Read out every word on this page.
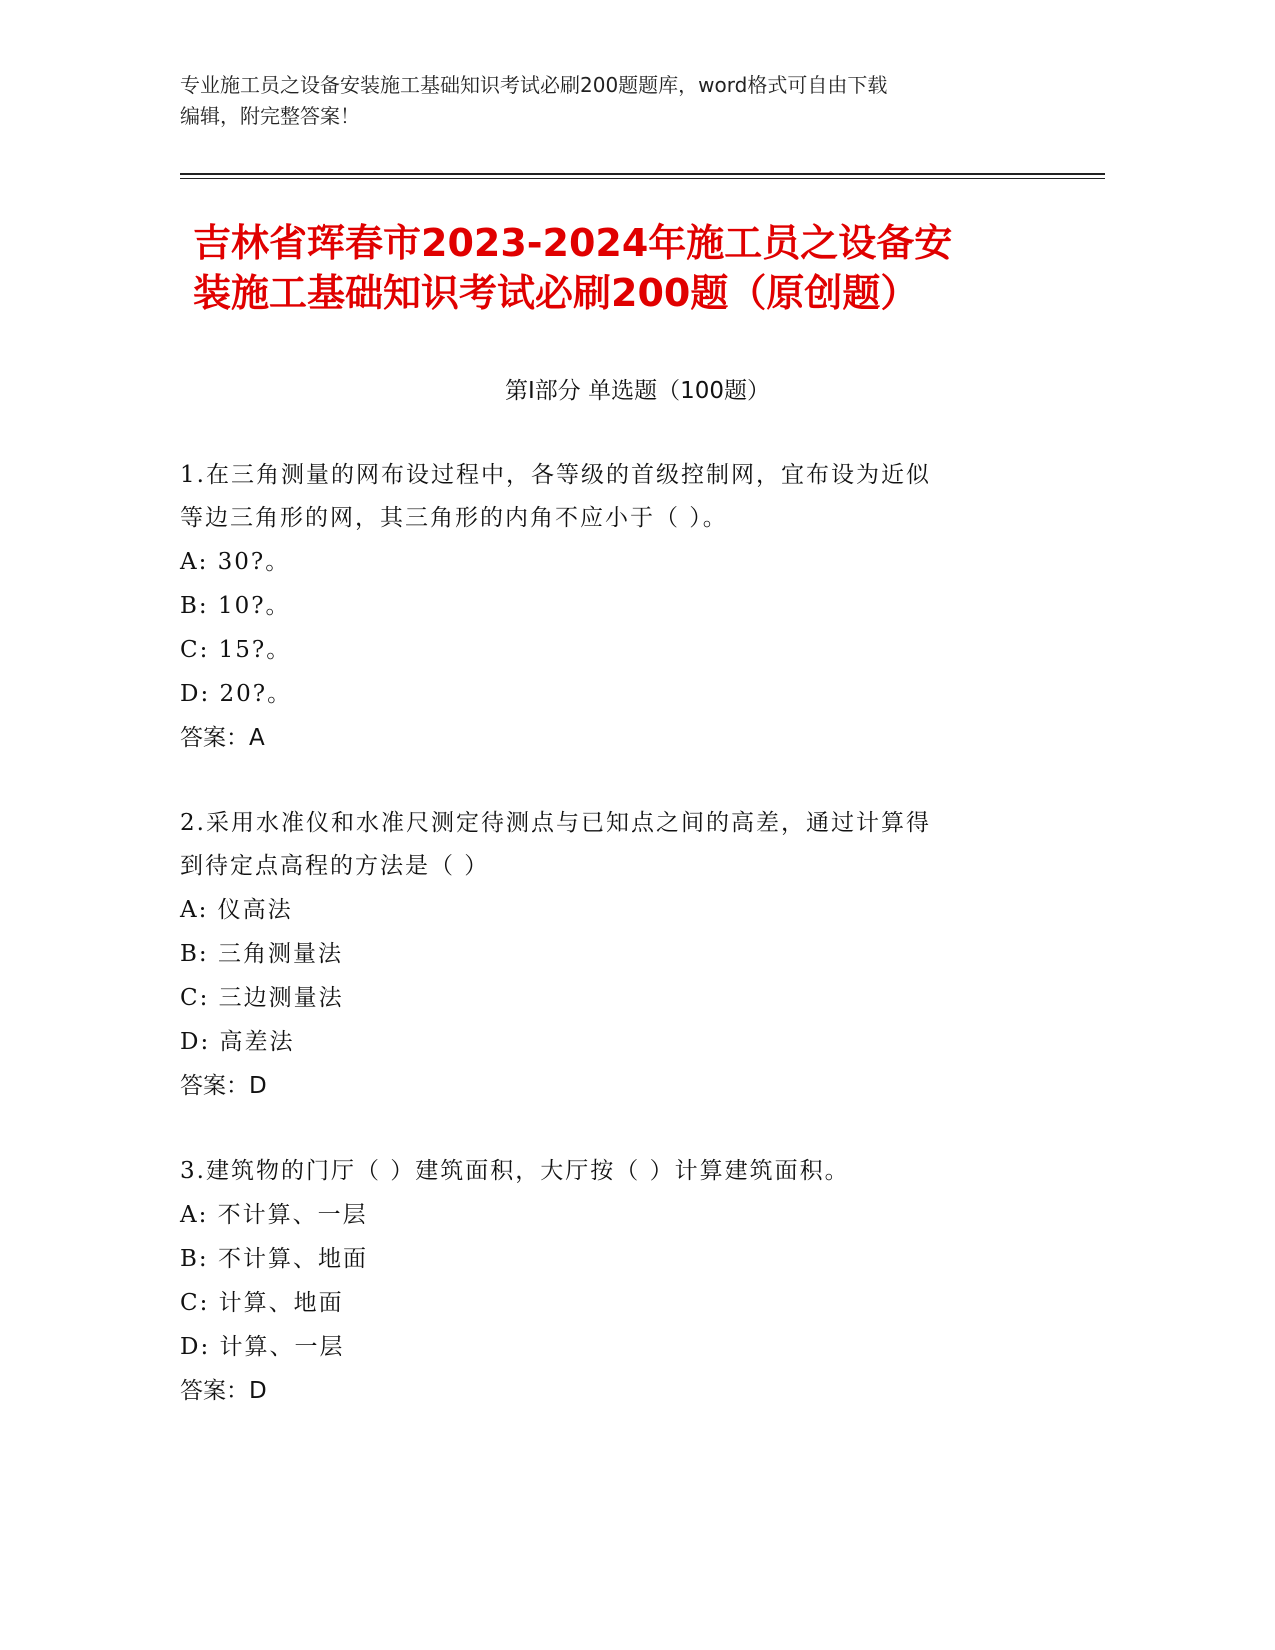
专业施工员之设备安装施工基础知识考试必刷200题题库，word格式可自由下载
编辑，附完整答案！
吉林省珲春市2023-2024年施工员之设备安
装施工基础知识考试必刷200题（原创题）
第Ⅰ部分 单选题（100题）
1.在三角测量的网布设过程中，各等级的首级控制网，宜布设为近似
等边三角形的网，其三角形的内角不应小于（ ）。
A: 30?。
B: 10?。
C: 15?。
D: 20?。
答案：A
2.采用水准仪和水准尺测定待测点与已知点之间的高差，通过计算得
到待定点高程的方法是（ ）
A: 仪高法
B: 三角测量法
C: 三边测量法
D: 高差法
答案：D
3.建筑物的门厅（ ）建筑面积，大厅按（ ）计算建筑面积。
A: 不计算、一层
B: 不计算、地面
C: 计算、地面
D: 计算、一层
答案：D
